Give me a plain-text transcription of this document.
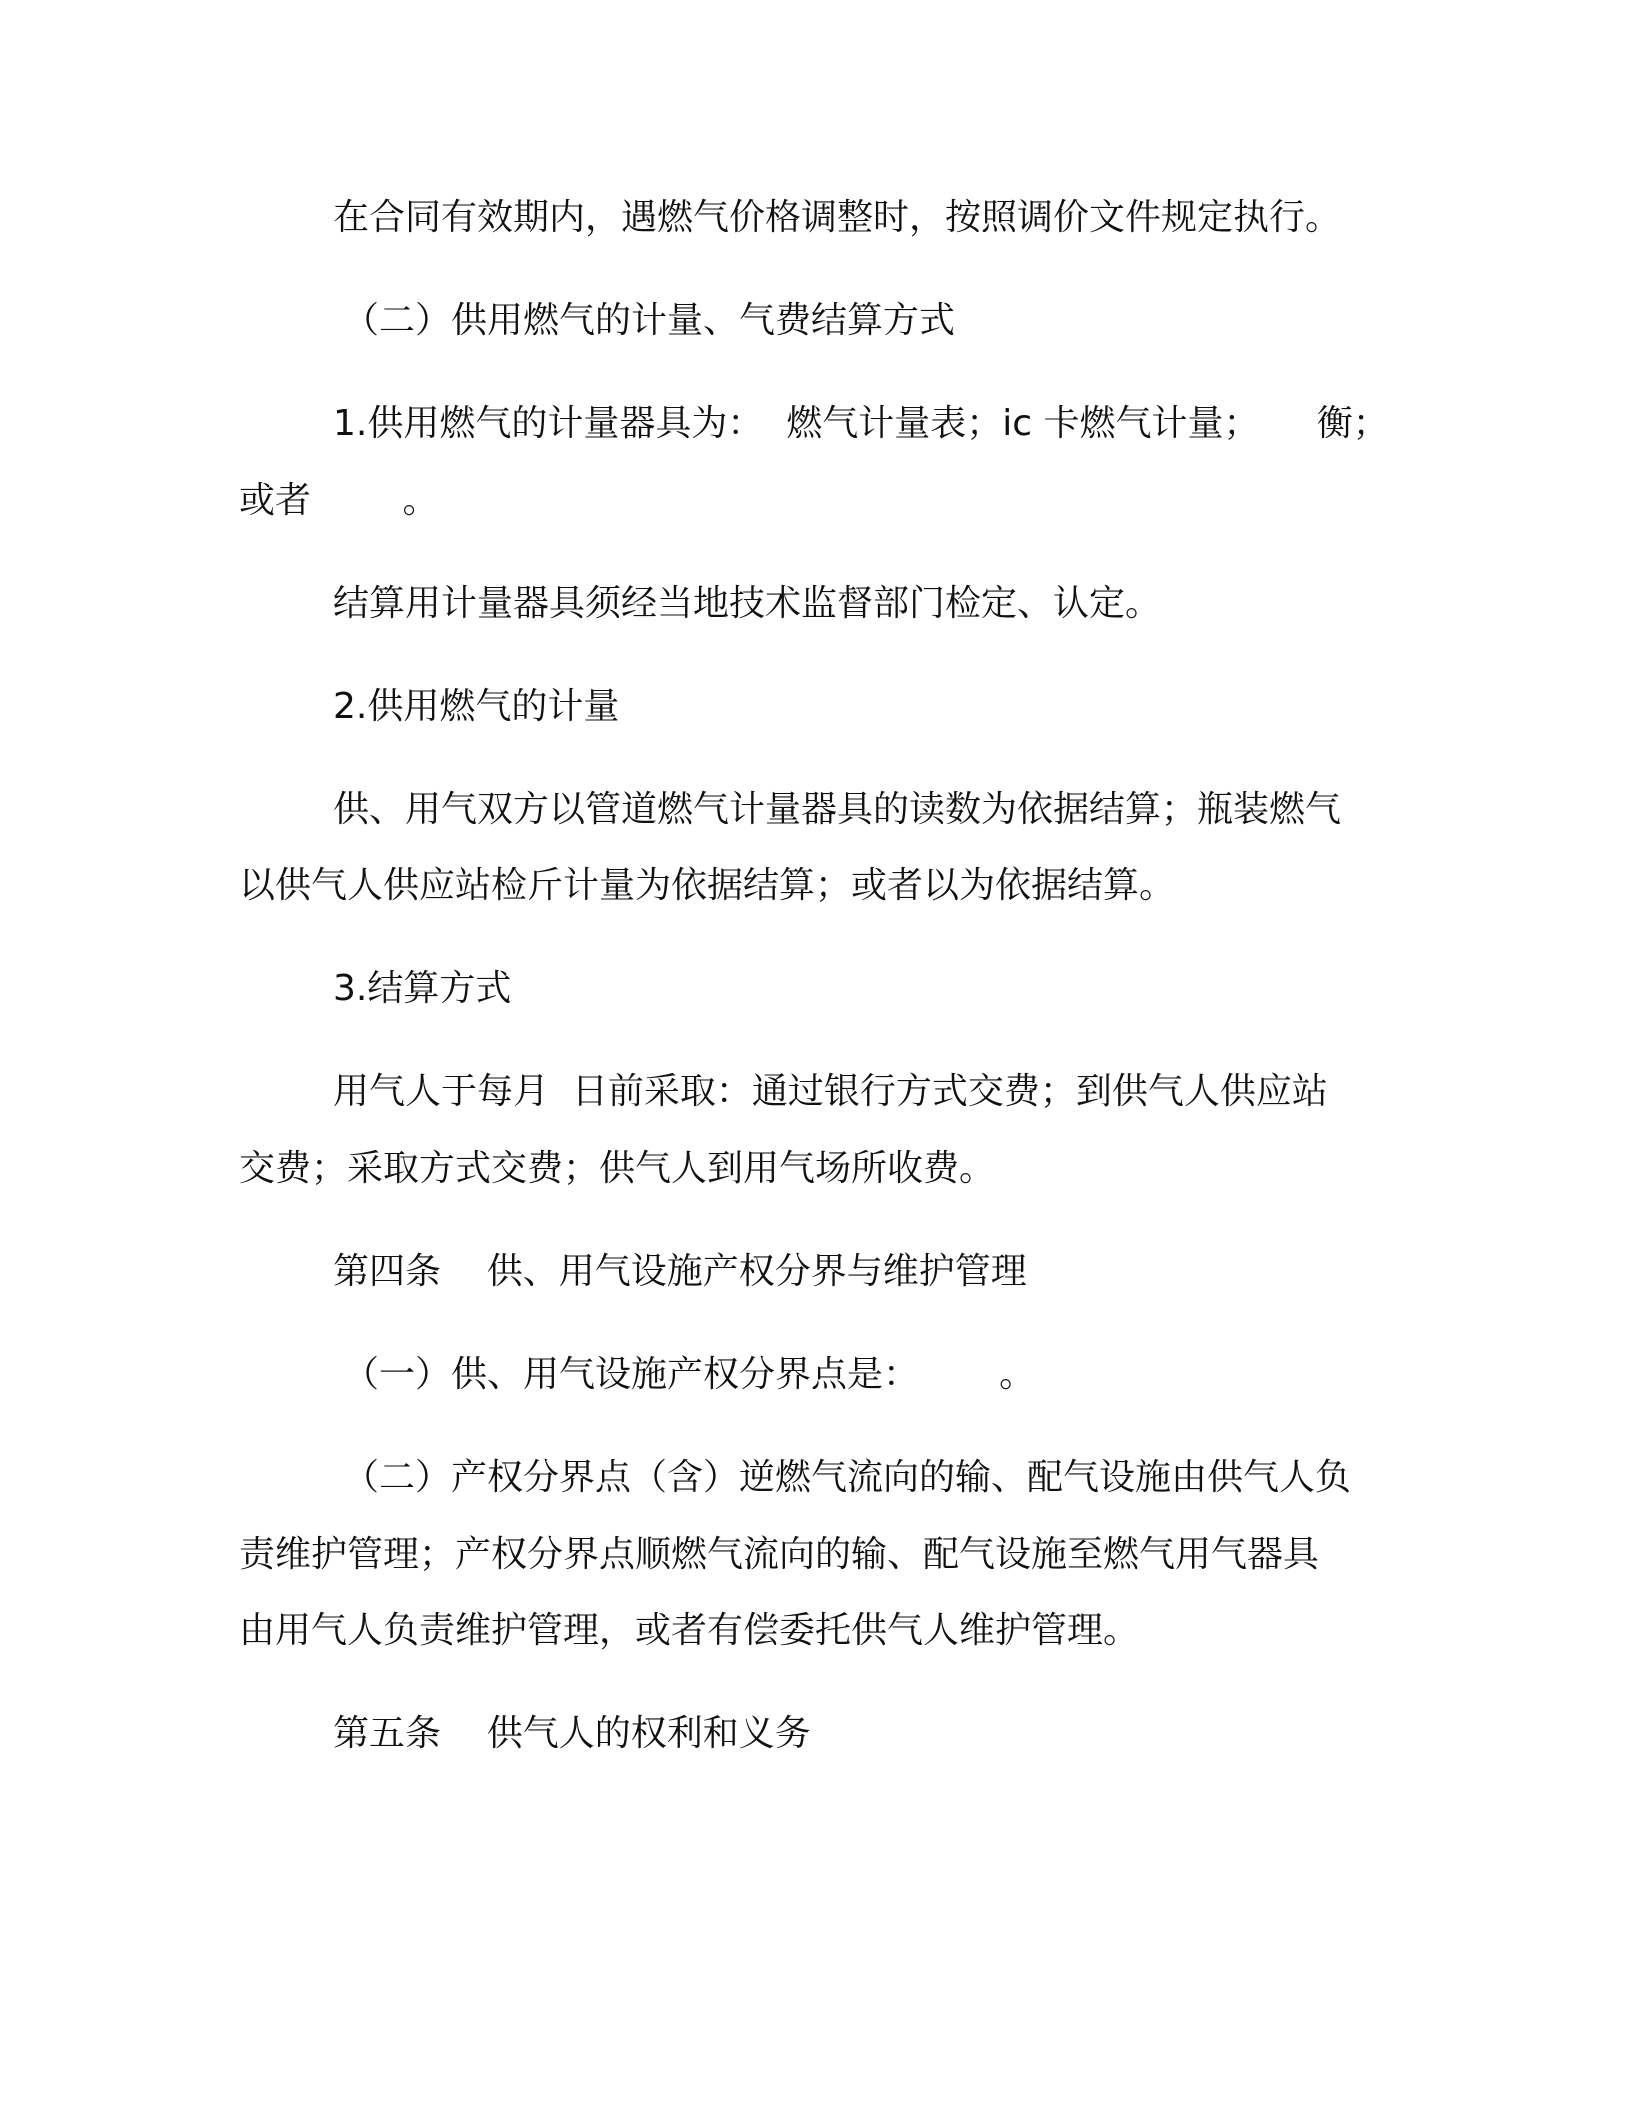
在合同有效期内，遇燃气价格调整时，按照调价文件规定执行。

（二）供用燃气的计量、气费结算方式

1.供用燃气的计量器具为：  燃气计量表；ic 卡燃气计量；     衡；

或者        。

结算用计量器具须经当地技术监督部门检定、认定。

2.供用燃气的计量

供、用气双方以管道燃气计量器具的读数为依据结算；瓶装燃气

以供气人供应站检斤计量为依据结算；或者以为依据结算。

3.结算方式

用气人于每月  日前采取：通过银行方式交费；到供气人供应站

交费；采取方式交费；供气人到用气场所收费。

第四条    供、用气设施产权分界与维护管理

（一）供、用气设施产权分界点是：       。

（二）产权分界点（含）逆燃气流向的输、配气设施由供气人负

责维护管理；产权分界点顺燃气流向的输、配气设施至燃气用气器具

由用气人负责维护管理，或者有偿委托供气人维护管理。

第五条    供气人的权利和义务
